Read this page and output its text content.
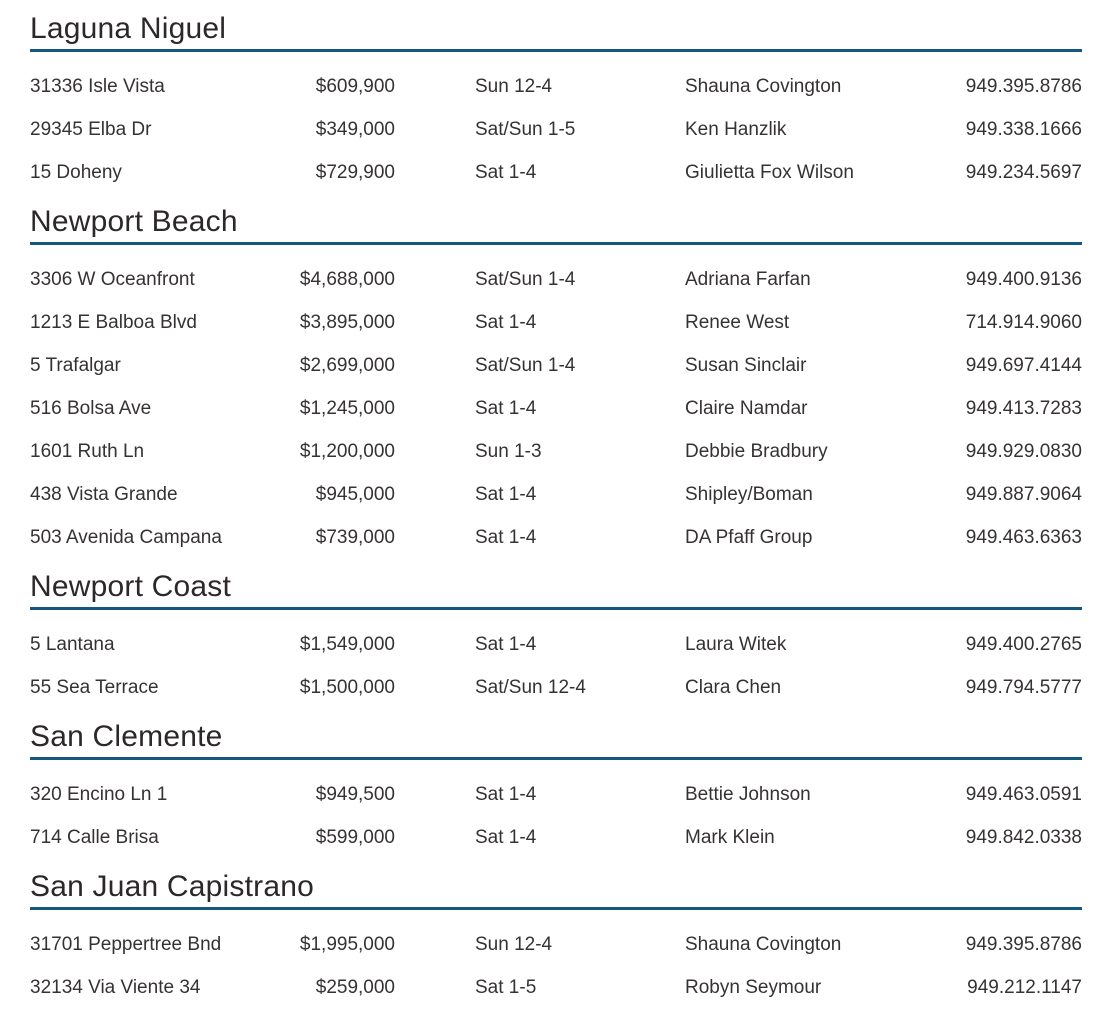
Laguna Niguel
31336 Isle Vista	$609,900	Sun 12-4	Shauna Covington	949.395.8786
29345 Elba Dr	$349,000	Sat/Sun 1-5	Ken Hanzlik	949.338.1666
15 Doheny	$729,900	Sat 1-4	Giulietta Fox Wilson	949.234.5697
Newport Beach
3306 W Oceanfront	$4,688,000	Sat/Sun 1-4	Adriana Farfan	949.400.9136
1213 E Balboa Blvd	$3,895,000	Sat 1-4	Renee West	714.914.9060
5 Trafalgar	$2,699,000	Sat/Sun 1-4	Susan Sinclair	949.697.4144
516 Bolsa Ave	$1,245,000	Sat 1-4	Claire Namdar	949.413.7283
1601 Ruth Ln	$1,200,000	Sun 1-3	Debbie Bradbury	949.929.0830
438 Vista Grande	$945,000	Sat 1-4	Shipley/Boman	949.887.9064
503 Avenida Campana	$739,000	Sat 1-4	DA Pfaff Group	949.463.6363
Newport Coast
5 Lantana	$1,549,000	Sat 1-4	Laura Witek	949.400.2765
55 Sea Terrace	$1,500,000	Sat/Sun 12-4	Clara Chen	949.794.5777
San Clemente
320 Encino Ln 1	$949,500	Sat 1-4	Bettie Johnson	949.463.0591
714 Calle Brisa	$599,000	Sat 1-4	Mark Klein	949.842.0338
San Juan Capistrano
31701 Peppertree Bnd	$1,995,000	Sun 12-4	Shauna Covington	949.395.8786
32134 Via Viente 34	$259,000	Sat 1-5	Robyn Seymour	949.212.1147
